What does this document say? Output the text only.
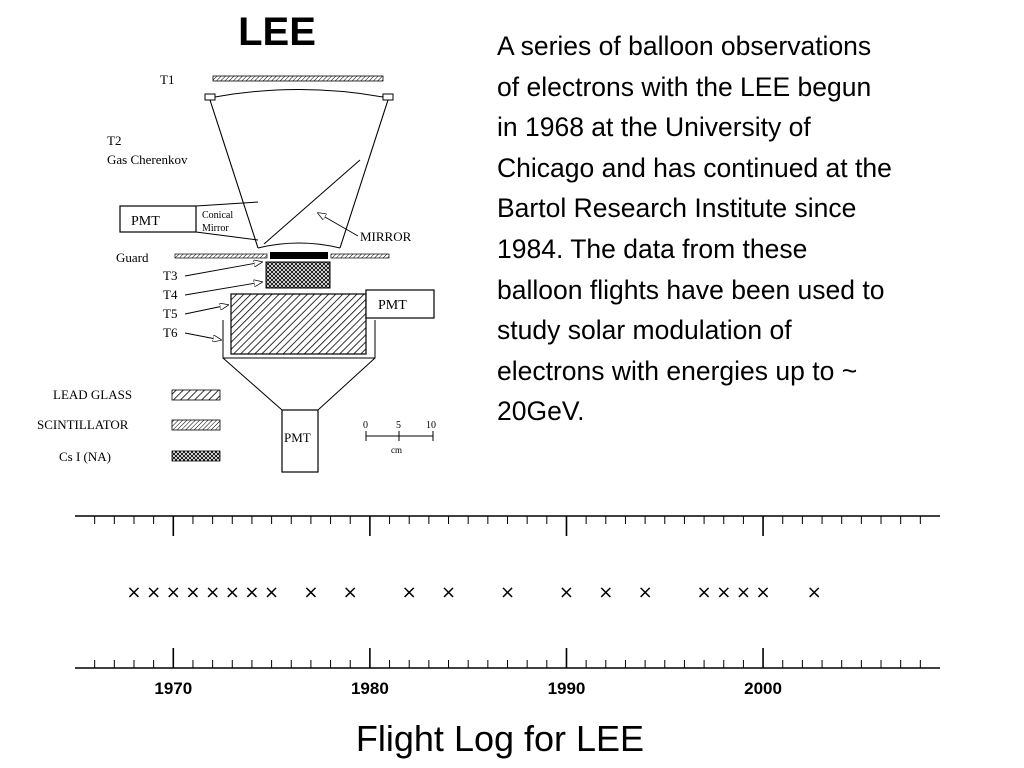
LEE
T1
T2
Gas Cherenkov
PMT	Conical
Mirror
MIRROR
Guard
PMT
T3
T4
T5
T6
PMT
LEAD GLASS
SCINTILLATOR
Cs I (NA)
0	5	10
cm

A series of balloon observations
of electrons with the LEE begun
in 1968 at the University of
Chicago and has continued at the
Bartol Research Institute since
1984. The data from these
balloon flights have been used to
study solar modulation of
electrons with energies up to ~
20GeV.

× × × × × × × × × × × × × × × × × × × × ×
1970	1980	1990	2000
Flight Log for LEE
